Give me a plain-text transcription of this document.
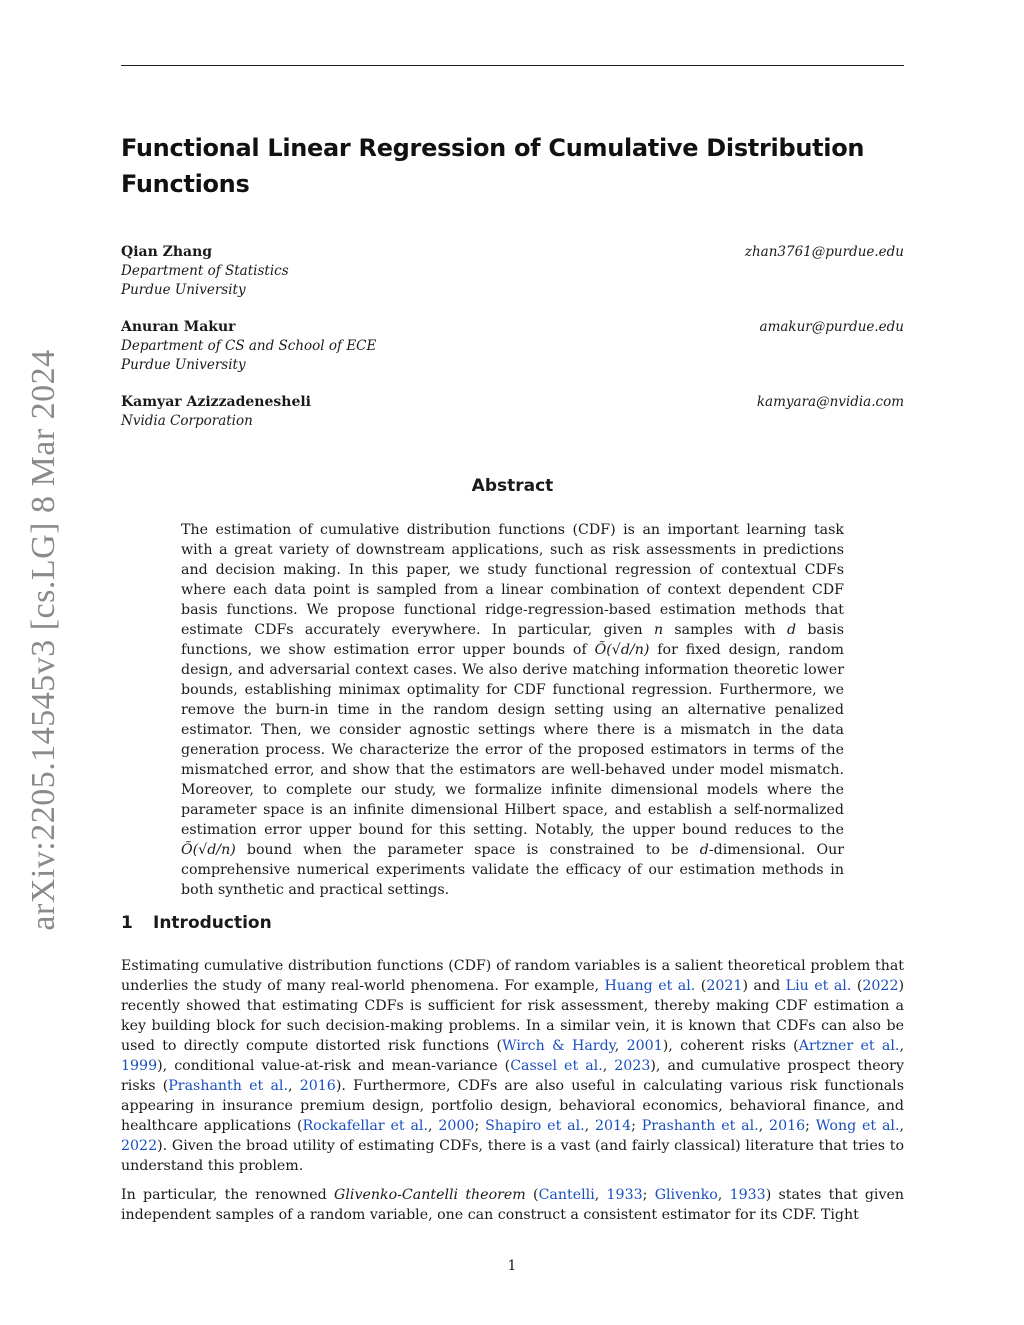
arXiv:2205.14545v3 [cs.LG] 8 Mar 2024
Functional Linear Regression of Cumulative Distribution Functions
Qian Zhang	zhan3761@purdue.edu
Department of Statistics
Purdue University
Anuran Makur	amakur@purdue.edu
Department of CS and School of ECE
Purdue University
Kamyar Azizzadenesheli	kamyara@nvidia.com
Nvidia Corporation
Abstract

The estimation of cumulative distribution functions (CDF) is an important learning task with a great variety of downstream applications, such as risk assessments in predictions and decision making. In this paper, we study functional regression of contextual CDFs where each data point is sampled from a linear combination of context dependent CDF basis functions. We propose functional ridge-regression-based estimation methods that estimate CDFs accurately everywhere. In particular, given n samples with d basis functions, we show estimation error upper bounds of Õ(√d/n) for fixed design, random design, and adversarial context cases. We also derive matching information theoretic lower bounds, establishing minimax optimality for CDF functional regression. Furthermore, we remove the burn-in time in the random design setting using an alternative penalized estimator. Then, we consider agnostic settings where there is a mismatch in the data generation process. We characterize the error of the proposed estimators in terms of the mismatched error, and show that the estimators are well-behaved under model mismatch. Moreover, to complete our study, we formalize infinite dimensional models where the parameter space is an infinite dimensional Hilbert space, and establish a self-normalized estimation error upper bound for this setting. Notably, the upper bound reduces to the Õ(√d/n) bound when the parameter space is constrained to be d-dimensional. Our comprehensive numerical experiments validate the efficacy of our estimation methods in both synthetic and practical settings.

1 Introduction

Estimating cumulative distribution functions (CDF) of random variables is a salient theoretical problem that underlies the study of many real-world phenomena. For example, Huang et al. (2021) and Liu et al. (2022) recently showed that estimating CDFs is sufficient for risk assessment, thereby making CDF estimation a key building block for such decision-making problems. In a similar vein, it is known that CDFs can also be used to directly compute distorted risk functions (Wirch & Hardy, 2001), coherent risks (Artzner et al., 1999), conditional value-at-risk and mean-variance (Cassel et al., 2023), and cumulative prospect theory risks (Prashanth et al., 2016). Furthermore, CDFs are also useful in calculating various risk functionals appearing in insurance premium design, portfolio design, behavioral economics, behavioral finance, and healthcare applications (Rockafellar et al., 2000; Shapiro et al., 2014; Prashanth et al., 2016; Wong et al., 2022). Given the broad utility of estimating CDFs, there is a vast (and fairly classical) literature that tries to understand this problem.

In particular, the renowned Glivenko-Cantelli theorem (Cantelli, 1933; Glivenko, 1933) states that given independent samples of a random variable, one can construct a consistent estimator for its CDF. Tight

1
